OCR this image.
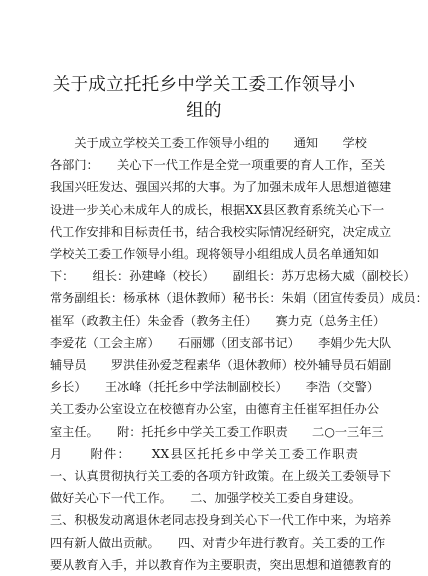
关于成立托托乡中学关工委工作领导小组的

　　关于成立学校关工委工作领导小组的　　通知　　学校

各部门：　　关心下一代工作是全党一项重要的育人工作，至关

我国兴旺发达、强国兴邦的大事。为了加强未成年人思想道德建

设进一步关心未成年人的成长，根据XX县区教育系统关心下一

代工作安排和目标责任书，结合我校实际情况经研究，决定成立

学校关工委工作领导小组。现将领导小组组成人员名单通知如

下：　　组长：孙建峰（校长）　　副组长：苏万忠杨大威（副校长）

常务副组长：杨承林（退休教师）秘书长：朱娟（团宣传委员）成员：

崔军（政教主任）朱金香（教务主任）　　赛力克（总务主任）

李爱花（工会主席）　　石丽娜（团支部书记）　　李娟少先大队

辅导员　　罗洪佳孙爱芝程素华（退休教师）校外辅导员石娟副

乡长）　　王冰峰（托托乡中学法制副校长）　　李浩（交警）

关工委办公室设立在校德育办公室，由德育主任崔军担任办公

室主任。　　附：托托乡中学关工委工作职责　　二○一三年三

月　　附件：　　XX县区托托乡中学关工委工作职责

一、认真贯彻执行关工委的各项方针政策。在上级关工委领导下

做好关心下一代工作。　　二、加强学校关工委自身建设。

三、积极发动离退休老同志投身到关心下一代工作中来，为培养

四有新人做出贡献。　　四、对青少年进行教育。关工委的工作

要从教育入手，并以教育作为主要职责，突出思想和道德教育的
